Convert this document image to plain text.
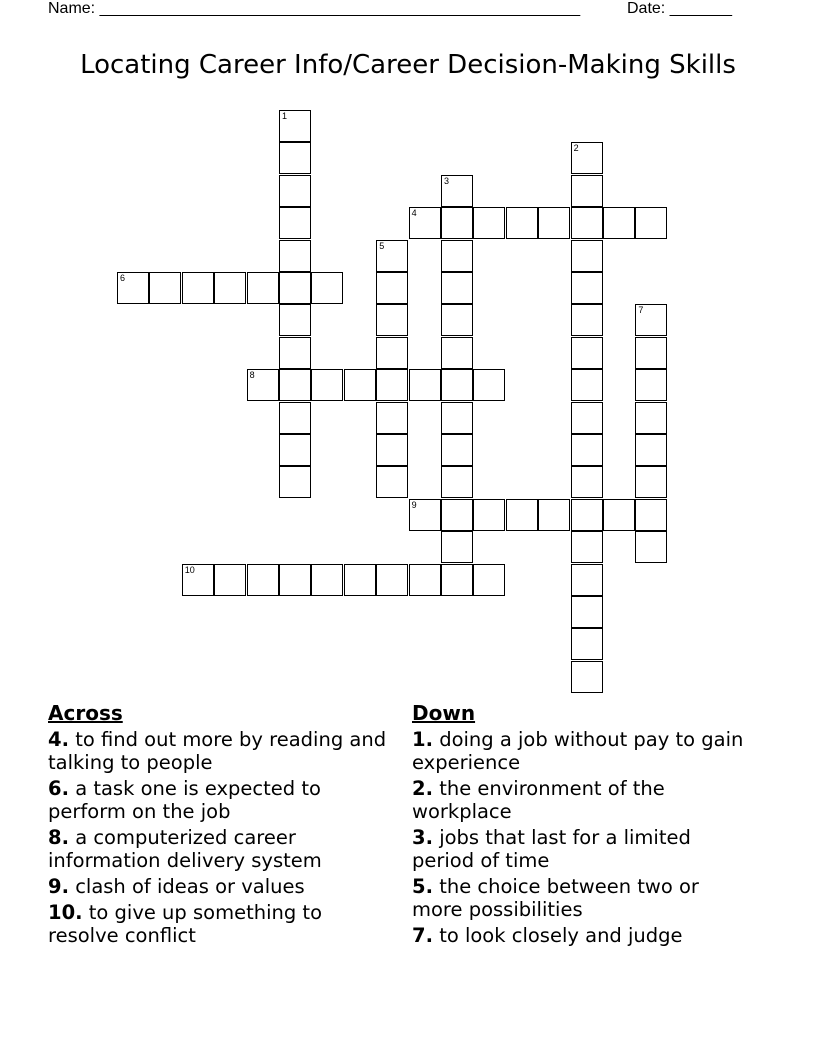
Name: ______________________________________________________	Date: _______
Locating Career Info/Career Decision-Making Skills
1
2
3
4
5
6
7
8
9
10
Across
4. to find out more by reading and talking to people
6. a task one is expected to perform on the job
8. a computerized career information delivery system
9. clash of ideas or values
10. to give up something to resolve conflict
Down
1. doing a job without pay to gain experience
2. the environment of the workplace
3. jobs that last for a limited period of time
5. the choice between two or more possibilities
7. to look closely and judge
